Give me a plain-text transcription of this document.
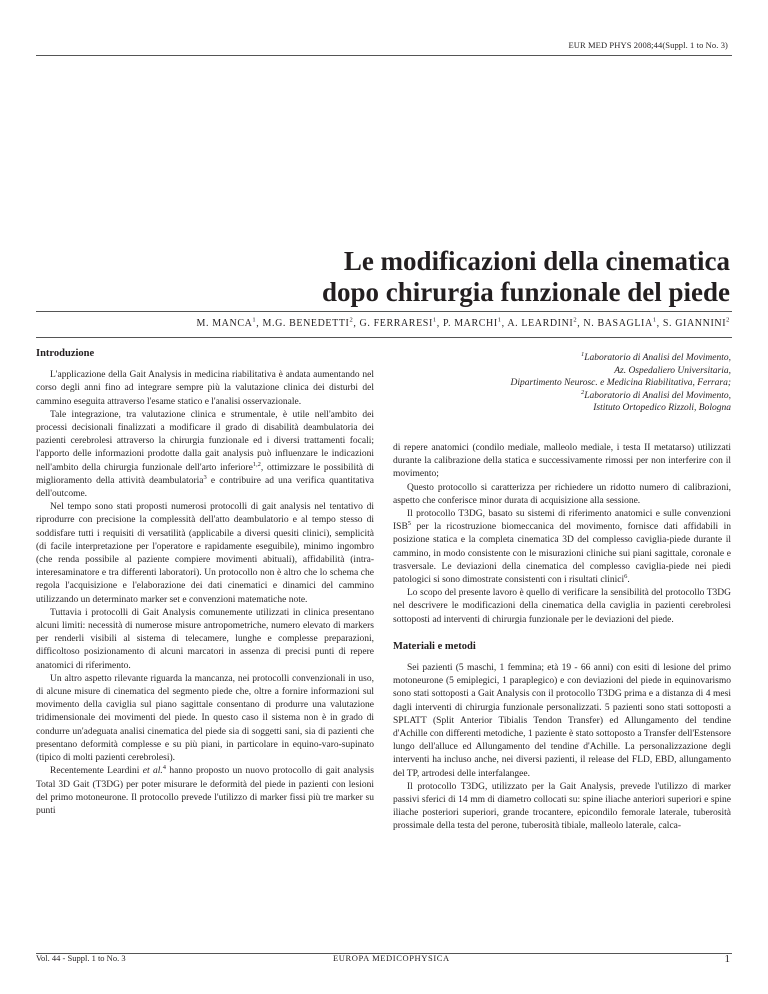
EUR MED PHYS 2008;44(Suppl. 1 to No. 3)
Le modificazioni della cinematica
dopo chirurgia funzionale del piede
M. MANCA$^1$, M.G. BENEDETTI$^2$, G. FERRARESI$^1$, P. MARCHI$^1$, A. LEARDINI$^2$, N. BASAGLIA$^1$, S. GIANNINI$^2$
Introduzione

L'applicazione della Gait Analysis in medicina riabilitativa è andata aumentando nel corso degli anni fino ad integrare sempre più la valutazione clinica dei disturbi del cammino eseguita attraverso l'esame statico e l'analisi osservazionale.

Tale integrazione, tra valutazione clinica e strumentale, è utile nell'ambito dei processi decisionali finalizzati a modificare il grado di disabilità deambulatoria dei pazienti cerebrolesi attraverso la chirurgia funzionale ed i diversi trattamenti focali; l'apporto delle informazioni prodotte dalla gait analysis può influenzare le indicazioni nell'ambito della chirurgia funzionale dell'arto inferiore$^{1,2}$, ottimizzare le possibilità di miglioramento della attività deambulatoria$^3$ e contribuire ad una verifica quantitativa dell'outcome.

Nel tempo sono stati proposti numerosi protocolli di gait analysis nel tentativo di riprodurre con precisione la complessità dell'atto deambulatorio e al tempo stesso di soddisfare tutti i requisiti di versatilità (applicabile a diversi quesiti clinici), semplicità (di facile interpretazione per l'operatore e rapidamente eseguibile), minimo ingombro (che renda possibile al paziente compiere movimenti abituali), affidabilità (intra-interesaminatore e tra differenti laboratori). Un protocollo non è altro che lo schema che regola l'acquisizione e l'elaborazione dei dati cinematici e dinamici del cammino utilizzando un determinato marker set e convenzioni matematiche note.

Tuttavia i protocolli di Gait Analysis comunemente utilizzati in clinica presentano alcuni limiti: necessità di numerose misure antropometriche, numero elevato di markers per renderli visibili al sistema di telecamere, lunghe e complesse preparazioni, difficoltoso posizionamento di alcuni marcatori in assenza di precisi punti di repere anatomici di riferimento.

Un altro aspetto rilevante riguarda la mancanza, nei protocolli convenzionali in uso, di alcune misure di cinematica del segmento piede che, oltre a fornire informazioni sul movimento della caviglia sul piano sagittale consentano di produrre una valutazione tridimensionale dei movimenti del piede. In questo caso il sistema non è in grado di condurre un'adeguata analisi cinematica del piede sia di soggetti sani, sia di pazienti che presentano deformità complesse e su più piani, in particolare in equino-varo-supinato (tipico di molti pazienti cerebrolesi).

Recentemente Leardini et al.$^4$ hanno proposto un nuovo protocollo di gait analysis Total 3D Gait (T3DG) per poter misurare le deformità del piede in pazienti con lesioni del primo motoneurone. Il protocollo prevede l'utilizzo di marker fissi più tre marker su punti

$^1$Laboratorio di Analisi del Movimento,
Az. Ospedaliero Universitaria,
Dipartimento Neurosc. e Medicina Riabilitativa, Ferrara;
$^2$Laboratorio di Analisi del Movimento,
Istituto Ortopedico Rizzoli, Bologna

di repere anatomici (condilo mediale, malleolo mediale, i testa II metatarso) utilizzati durante la calibrazione della statica e successivamente rimossi per non interferire con il movimento;

Questo protocollo si caratterizza per richiedere un ridotto numero di calibrazioni, aspetto che conferisce minor durata di acquisizione alla sessione.

Il protocollo T3DG, basato su sistemi di riferimento anatomici e sulle convenzioni ISB$^5$ per la ricostruzione biomeccanica del movimento, fornisce dati affidabili in posizione statica e la completa cinematica 3D del complesso caviglia-piede durante il cammino, in modo consistente con le misurazioni cliniche sui piani sagittale, coronale e trasversale. Le deviazioni della cinematica del complesso caviglia-piede nei piedi patologici si sono dimostrate consistenti con i risultati clinici$^6$.

Lo scopo del presente lavoro è quello di verificare la sensibilità del protocollo T3DG nel descrivere le modificazioni della cinematica della caviglia in pazienti cerebrolesi sottoposti ad interventi di chirurgia funzionale per le deviazioni del piede.

Materiali e metodi

Sei pazienti (5 maschi, 1 femmina; età 19 - 66 anni) con esiti di lesione del primo motoneurone (5 emiplegici, 1 paraplegico) e con deviazioni del piede in equinovarismo sono stati sottoposti a Gait Analysis con il protocollo T3DG prima e a distanza di 4 mesi dagli interventi di chirurgia funzionale personalizzati. 5 pazienti sono stati sottoposti a SPLATT (Split Anterior Tibialis Tendon Transfer) ed Allungamento del tendine d'Achille con differenti metodiche, 1 paziente è stato sottoposto a Transfer dell'Estensore lungo dell'alluce ed Allungamento del tendine d'Achille. La personalizzazione degli interventi ha incluso anche, nei diversi pazienti, il release del FLD, EBD, allungamento del TP, artrodesi delle interfalangee.

Il protocollo T3DG, utilizzato per la Gait Analysis, prevede l'utilizzo di marker passivi sferici di 14 mm di diametro collocati su: spine iliache anteriori superiori e spine iliache posteriori superiori, grande trocantere, epicondilo femorale laterale, tuberosità prossimale della testa del perone, tuberosità tibiale, malleolo laterale, calca-

Vol. 44 - Suppl. 1 to No. 3	EUROPA MEDICOPHYSICA	1
